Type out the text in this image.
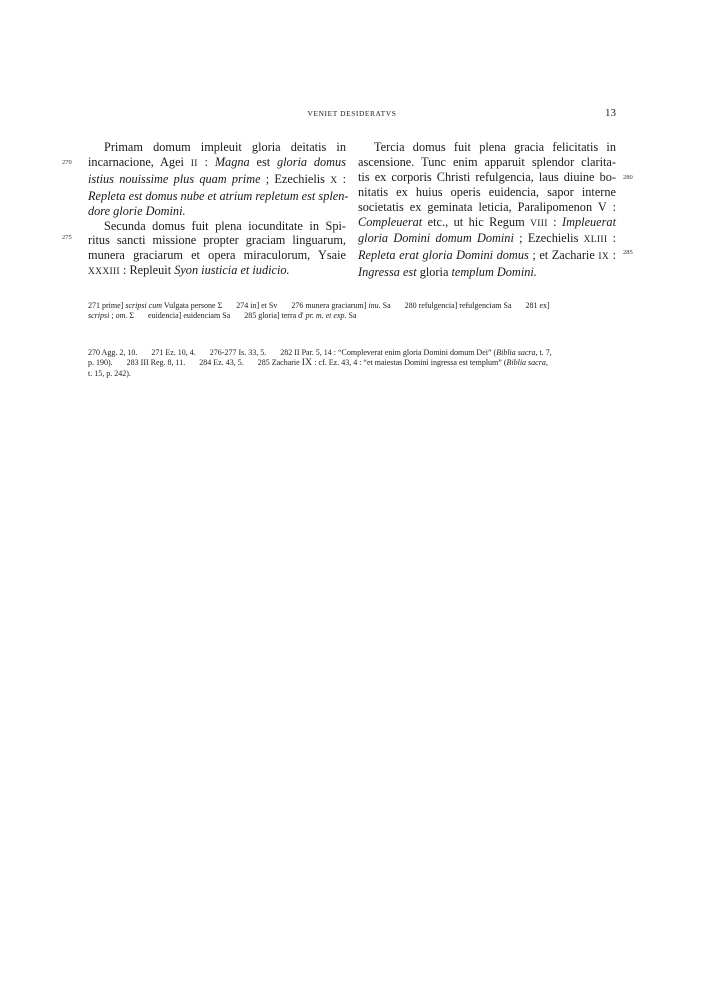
VENIET DESIDERATVS	13
Primam domum impleuit gloria deitatis in
incarnacione, Agei II : Magna est gloria domus
istius nouissime plus quam prime ; Ezechielis X :
Repleta est domus nube et atrium repletum est splen-
dore glorie Domini.
Secunda domus fuit plena iocunditate in Spi-
ritus sancti missione propter graciam linguarum,
munera graciarum et opera miraculorum, Ysaie
XXXIII : Repleuit Syon iusticia et iudicio.
Tercia domus fuit plena gracia felicitatis in
ascensione. Tunc enim apparuit splendor clarita-
tis ex corporis Christi refulgencia, laus diuine bo-
nitatis ex huius operis euidencia, sapor interne
societatis ex geminata leticia, Paralipomenon V :
Compleuerat etc., ut hic Regum VIII : Impleuerat
gloria Domini domum Domini ; Ezechielis XLIII :
Repleta erat gloria Domini domus ; et Zacharie IX :
Ingressa est gloria templum Domini.
270
275
280
285
271 prime] scripsi cum Vulgata persone Σ 274 in] et Sv 276 munera graciarum] inu. Sa 280 refulgencia] refulgenciam Sa 281 ex]
scripsi ; om. Σ euidencia] euidenciam Sa 285 gloria] terra d' pr. m. et exp. Sa
270 Agg. 2, 10. 271 Ez. 10, 4. 276-277 Is. 33, 5. 282 II Par. 5, 14 : “Compleverat enim gloria Domini domum Dei” (Biblia sacra, t. 7,
p. 190). 283 III Reg. 8, 11. 284 Ez. 43, 5. 285 Zacharie IX : cf. Ez. 43, 4 : “et maiestas Domini ingressa est templum” (Biblia sacra,
t. 15, p. 242).
